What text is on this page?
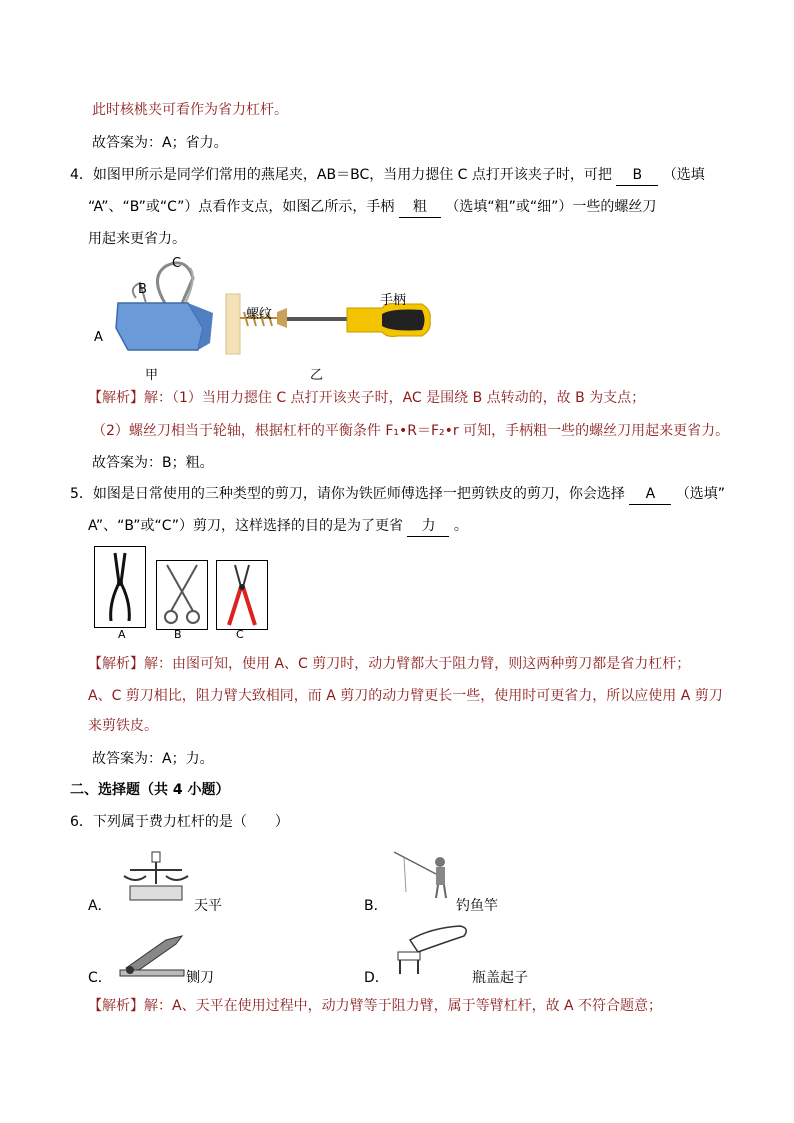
此时核桃夹可看作为省力杠杆。
故答案为：A；省力。
4．如图甲所示是同学们常用的燕尾夹，AB＝BC，当用力摁住 C 点打开该夹子时，可把 B （选填
“A”、“B”或“C”）点看作支点，如图乙所示，手柄 粗 （选填“粗”或“细”）一些的螺丝刀
用起来更省力。
C
B
A
甲
螺纹
手柄
乙
【解析】解：（1）当用力摁住 C 点打开该夹子时，AC 是围绕 B 点转动的，故 B 为支点；
（2）螺丝刀相当于轮轴，根据杠杆的平衡条件 F₁•R＝F₂•r 可知，手柄粗一些的螺丝刀用起来更省力。
故答案为：B；粗。
5．如图是日常使用的三种类型的剪刀，请你为铁匠师傅选择一把剪铁皮的剪刀，你会选择 A （选填”
A”、“B”或“C”）剪刀，这样选择的目的是为了更省 力 。
A	B	C
【解析】解：由图可知，使用 A、C 剪刀时，动力臂都大于阻力臂，则这两种剪刀都是省力杠杆；
A、C 剪刀相比，阻力臂大致相同，而 A 剪刀的动力臂更长一些，使用时可更省力，所以应使用 A 剪刀
来剪铁皮。
故答案为：A；力。
二、选择题（共 4 小题）
6．下列属于费力杠杆的是（　　）
A．	天平	B．	钓鱼竿
C．	铡刀	D．	瓶盖起子
【解析】解：A、天平在使用过程中，动力臂等于阻力臂，属于等臂杠杆，故 A 不符合题意；
